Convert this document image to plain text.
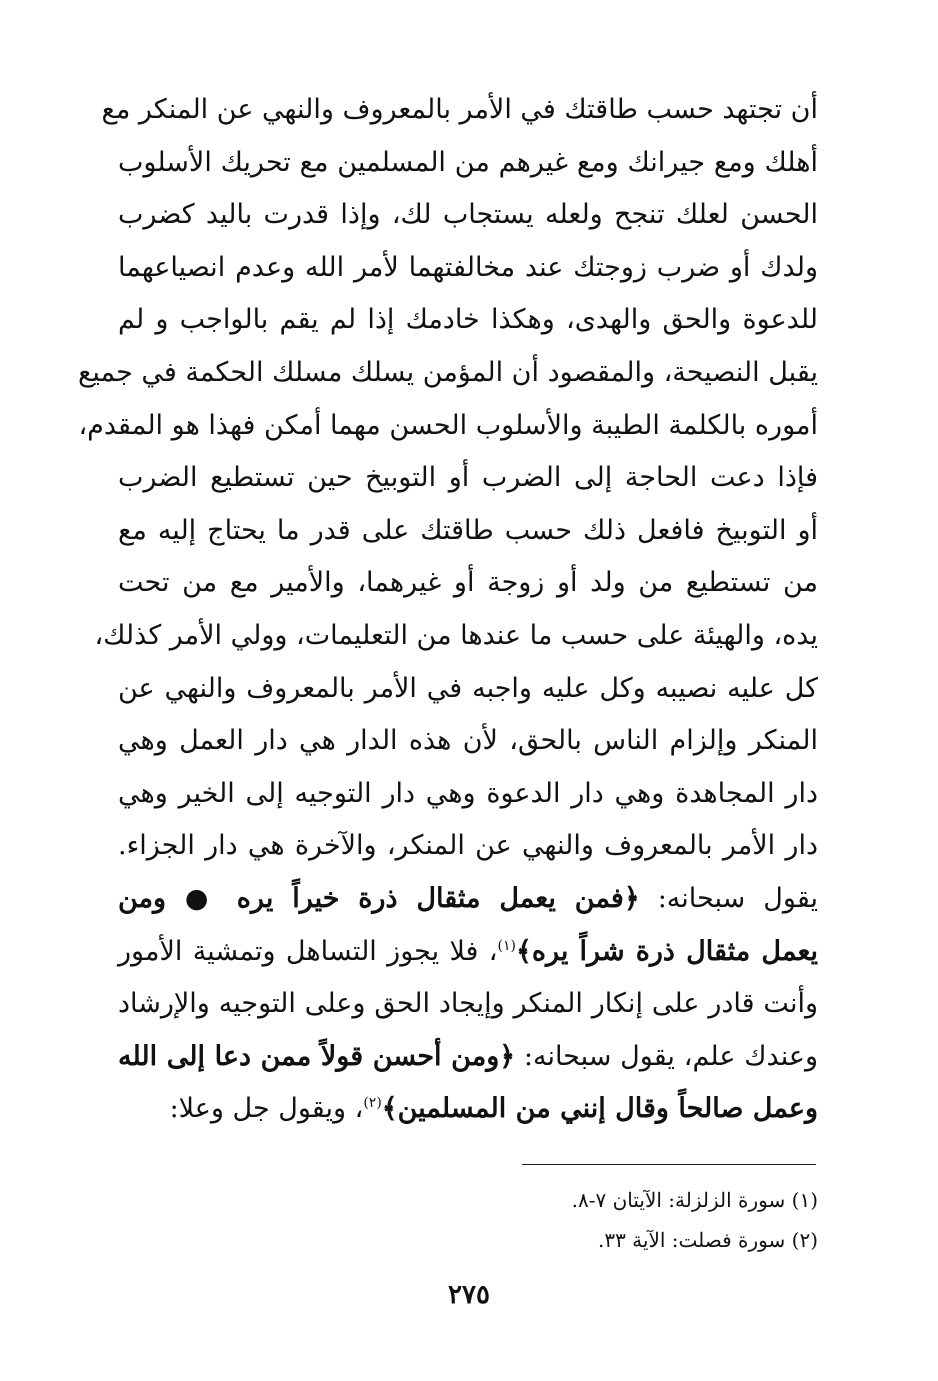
أن تجتهد حسب طاقتك في الأمر بالمعروف والنهي عن المنكر مع
أهلك ومع جيرانك ومع غيرهم من المسلمين مع تحريك الأسلوب
الحسن لعلك تنجح ولعله يستجاب لك، وإذا قدرت باليد كضرب
ولدك أو ضرب زوجتك عند مخالفتهما لأمر الله وعدم انصياعهما
للدعوة والحق والهدى، وهكذا خادمك إذا لم يقم بالواجب و لم
يقبل النصيحة، والمقصود أن المؤمن يسلك مسلك الحكمة في جميع
أموره بالكلمة الطيبة والأسلوب الحسن مهما أمكن فهذا هو المقدم،
فإذا دعت الحاجة إلى الضرب أو التوبيخ حين تستطيع الضرب
أو التوبيخ فافعل ذلك حسب طاقتك على قدر ما يحتاج إليه مع
من تستطيع من ولد أو زوجة أو غيرهما، والأمير مع من تحت
يده، والهيئة على حسب ما عندها من التعليمات، وولي الأمر كذلك،
كل عليه نصيبه وكل عليه واجبه في الأمر بالمعروف والنهي عن
المنكر وإلزام الناس بالحق، لأن هذه الدار هي دار العمل وهي
دار المجاهدة وهي دار الدعوة وهي دار التوجيه إلى الخير وهي
دار الأمر بالمعروف والنهي عن المنكر، والآخرة هي دار الجزاء.
يقول سبحانه: ﴿فمن يعمل مثقال ذرة خيراً يره ● ومن
يعمل مثقال ذرة شراً يره﴾$^{(١)}$، فلا يجوز التساهل وتمشية الأمور
وأنت قادر على إنكار المنكر وإيجاد الحق وعلى التوجيه والإرشاد
وعندك علم، يقول سبحانه: ﴿ومن أحسن قولاً ممن دعا إلى الله
وعمل صالحاً وقال إنني من المسلمين﴾$^{(٢)}$، ويقول جل وعلا:
(١) سورة الزلزلة: الآيتان ٧-٨.
(٢) سورة فصلت: الآية ٣٣.
٢٧٥
